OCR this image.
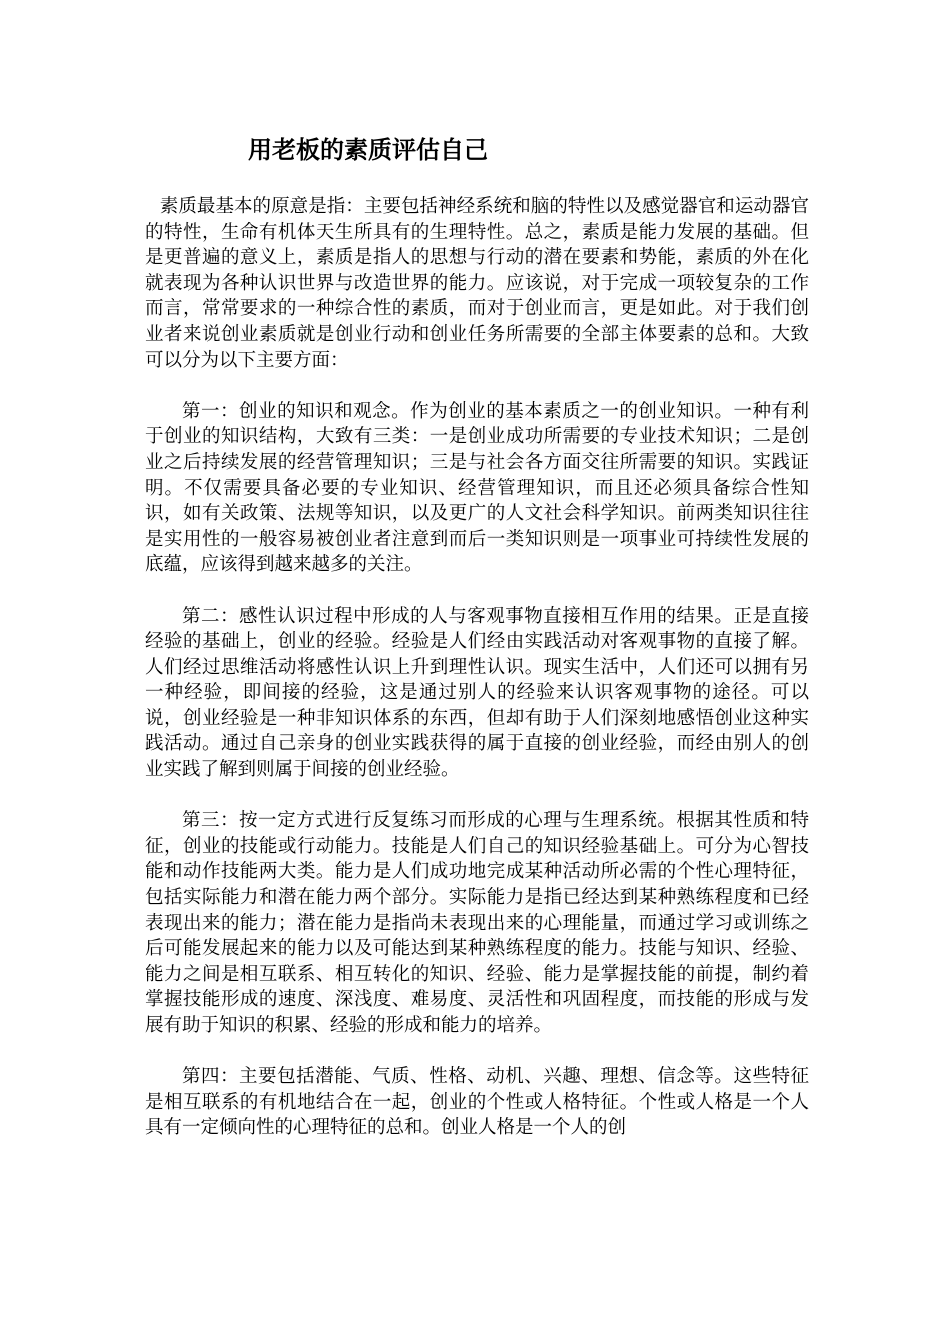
用老板的素质评估自己

素质最基本的原意是指：主要包括神经系统和脑的特性以及感觉器官和运动器官的特性，生命有机体天生所具有的生理特性。总之，素质是能力发展的基础。但是更普遍的意义上，素质是指人的思想与行动的潜在要素和势能，素质的外在化就表现为各种认识世界与改造世界的能力。应该说，对于完成一项较复杂的工作而言，常常要求的一种综合性的素质，而对于创业而言，更是如此。对于我们创业者来说创业素质就是创业行动和创业任务所需要的全部主体要素的总和。大致可以分为以下主要方面：

第一：创业的知识和观念。作为创业的基本素质之一的创业知识。一种有利于创业的知识结构，大致有三类：一是创业成功所需要的专业技术知识；二是创业之后持续发展的经营管理知识；三是与社会各方面交往所需要的知识。实践证明。不仅需要具备必要的专业知识、经营管理知识，而且还必须具备综合性知识，如有关政策、法规等知识，以及更广的人文社会科学知识。前两类知识往往是实用性的一般容易被创业者注意到而后一类知识则是一项事业可持续性发展的底蕴，应该得到越来越多的关注。

第二：感性认识过程中形成的人与客观事物直接相互作用的结果。正是直接经验的基础上，创业的经验。经验是人们经由实践活动对客观事物的直接了解。人们经过思维活动将感性认识上升到理性认识。现实生活中，人们还可以拥有另一种经验，即间接的经验，这是通过别人的经验来认识客观事物的途径。可以说，创业经验是一种非知识体系的东西，但却有助于人们深刻地感悟创业这种实践活动。通过自己亲身的创业实践获得的属于直接的创业经验，而经由别人的创业实践了解到则属于间接的创业经验。

第三：按一定方式进行反复练习而形成的心理与生理系统。根据其性质和特征，创业的技能或行动能力。技能是人们自己的知识经验基础上。可分为心智技能和动作技能两大类。能力是人们成功地完成某种活动所必需的个性心理特征，包括实际能力和潜在能力两个部分。实际能力是指已经达到某种熟练程度和已经表现出来的能力；潜在能力是指尚未表现出来的心理能量，而通过学习或训练之后可能发展起来的能力以及可能达到某种熟练程度的能力。技能与知识、经验、能力之间是相互联系、相互转化的知识、经验、能力是掌握技能的前提，制约着掌握技能形成的速度、深浅度、难易度、灵活性和巩固程度，而技能的形成与发展有助于知识的积累、经验的形成和能力的培养。

第四：主要包括潜能、气质、性格、动机、兴趣、理想、信念等。这些特征是相互联系的有机地结合在一起，创业的个性或人格特征。个性或人格是一个人具有一定倾向性的心理特征的总和。创业人格是一个人的创
